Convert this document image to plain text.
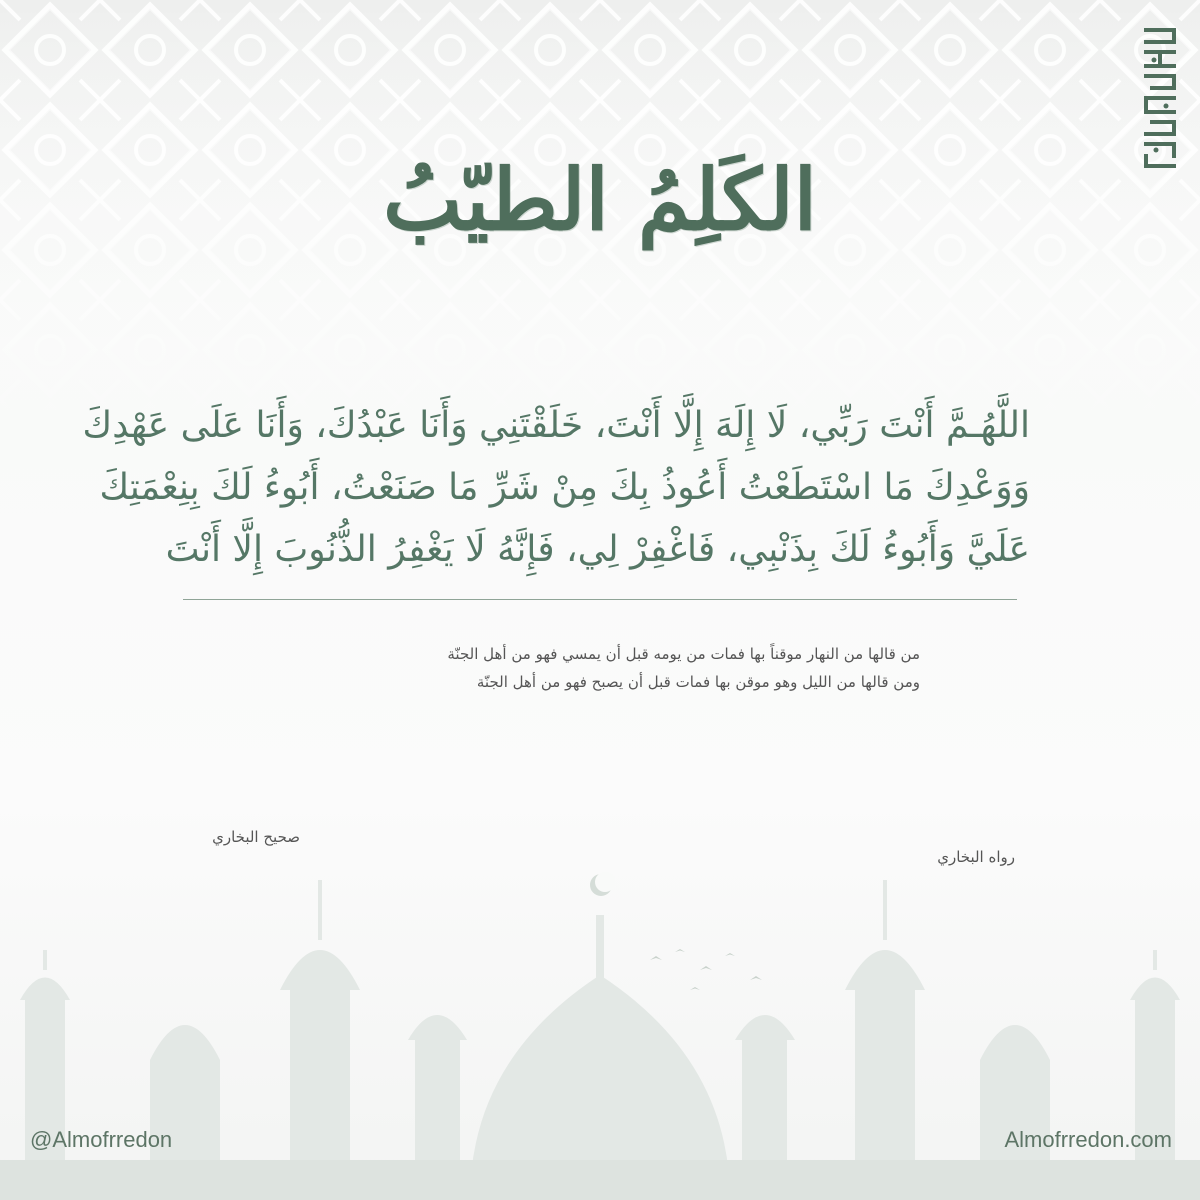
الكَلِمُ الطيّبُ
اللَّهُـمَّ أَنْتَ رَبِّي، لَا إِلَهَ إِلَّا أَنْتَ، خَلَقْتَنِي وَأَنَا عَبْدُكَ، وَأَنَا عَلَى عَهْدِكَ
وَوَعْدِكَ مَا اسْتَطَعْتُ أَعُوذُ بِكَ مِنْ شَرِّ مَا صَنَعْتُ، أَبُوءُ لَكَ بِنِعْمَتِكَ
عَلَيَّ وَأَبُوءُ لَكَ بِذَنْبِي، فَاغْفِرْ لِي، فَإِنَّهُ لَا يَغْفِرُ الذُّنُوبَ إِلَّا أَنْتَ
من قالها من النهار موقناً بها فمات من يومه قبل أن يمسي فهو من أهل الجنّة
ومن قالها من الليل وهو موقن بها فمات قبل أن يصبح فهو من أهل الجنّة
صحيح البخاري
رواه البخاري
@Almofrredon	Almofrredon.com
